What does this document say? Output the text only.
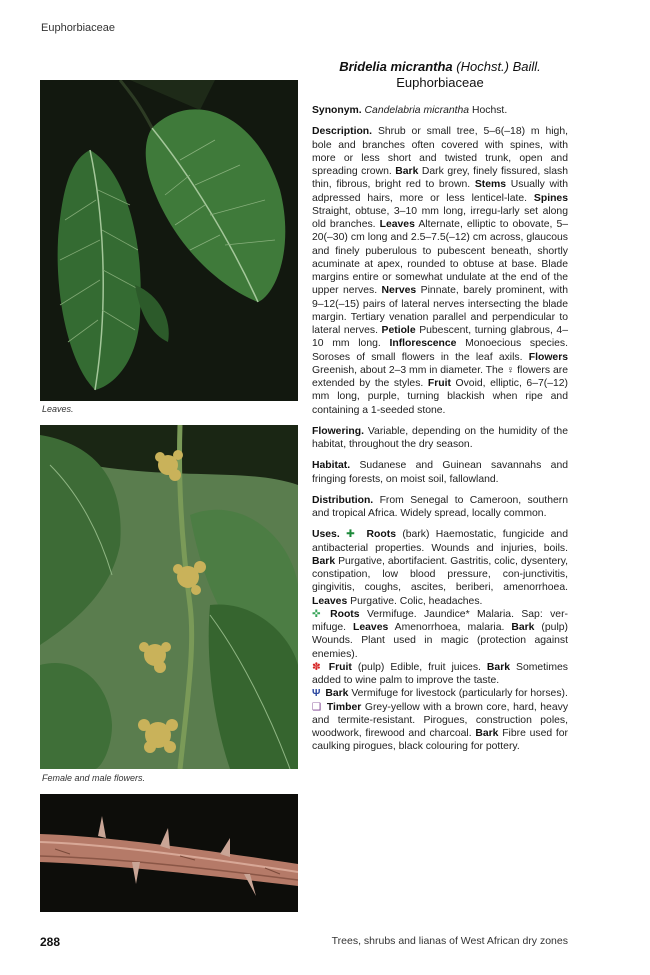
Euphorbiaceae
Leaves.
Female and male flowers.
Bridelia micrantha (Hochst.) Baill.
Euphorbiaceae

Synonym. Candelabria micrantha Hochst.

Description. Shrub or small tree, 5–6(–18) m high, bole and branches often covered with spines, with more or less short and twisted trunk, open and spreading crown. Bark Dark grey, finely fissured, slash thin, fibrous, bright red to brown. Stems Usually with adpressed hairs, more or less lenticel-late. Spines Straight, obtuse, 3–10 mm long, irregu-larly set along old branches. Leaves Alternate, elliptic to obovate, 5–20(–30) cm long and 2.5–7.5(–12) cm across, glaucous and finely puberulous to pubescent beneath, shortly acuminate at apex, rounded to obtuse at base. Blade margins entire or somewhat undulate at the end of the upper nerves. Nerves Pinnate, barely prominent, with 9–12(–15) pairs of lateral nerves intersecting the blade margin. Tertiary venation parallel and perpendicular to lateral nerves. Petiole Pubescent, turning glabrous, 4–10 mm long. Inflorescence Monoecious species. Soroses of small flowers in the leaf axils. Flowers Greenish, about 2–3 mm in diameter. The ♀ flowers are extended by the styles. Fruit Ovoid, elliptic, 6–7(–12) mm long, purple, turning blackish when ripe and containing a 1-seeded stone.

Flowering. Variable, depending on the humidity of the habitat, throughout the dry season.

Habitat. Sudanese and Guinean savannahs and fringing forests, on moist soil, fallowland.

Distribution. From Senegal to Cameroon, southern and tropical Africa. Widely spread, locally common.

Uses. ✚ Roots (bark) Haemostatic, fungicide and antibacterial properties. Wounds and injuries, boils. Bark Purgative, abortifacient. Gastritis, colic, dysentery, constipation, low blood pressure, con-junctivitis, gingivitis, coughs, ascites, beriberi, amenorrhoea. Leaves Purgative. Colic, headaches.

✜ Roots Vermifuge. Jaundice* Malaria. Sap: ver-mifuge. Leaves Amenorrhoea, malaria. Bark (pulp) Wounds. Plant used in magic (protection against enemies).

✽ Fruit (pulp) Edible, fruit juices. Bark Sometimes added to wine palm to improve the taste.

Ψ Bark Vermifuge for livestock (particularly for horses).

❑ Timber Grey-yellow with a brown core, hard, heavy and termite-resistant. Pirogues, construction poles, woodwork, firewood and charcoal. Bark Fibre used for caulking pirogues, black colouring for pottery.

288	Trees, shrubs and lianas of West African dry zones
